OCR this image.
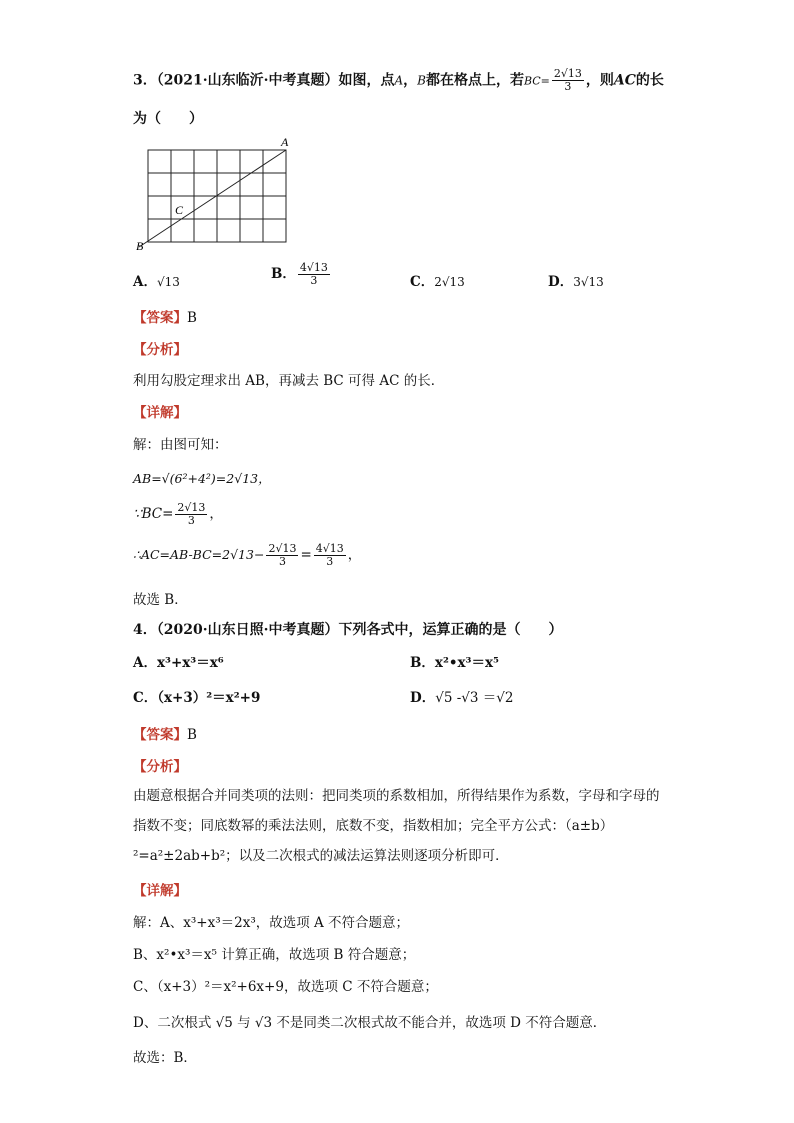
3．（2021·山东临沂·中考真题）如图，点A，B都在格点上，若$BC= \frac{2√13}{3}$ ，则AC的长
为（　　）
A
B
C
A．√13	B． $\frac{4√13}{3}$	C．2√13	D．3√13
【答案】B
【分析】
利用勾股定理求出 AB，再减去 BC 可得 AC 的长．
【详解】
解：由图可知：
AB=√(6²+4²)=2√13，
∵BC= $\frac{2√13}{3}$ ，
∴AC=AB-BC=2√13− $\frac{2√13}{3} = \frac{4√13}{3}$ ，
故选 B．
4．（2020·山东日照·中考真题）下列各式中，运算正确的是（　　）
A．x³+x³＝x⁶	B．x²•x³＝x⁵
C．（x+3）²＝x²+9	D．√5 -√3 ＝√2
【答案】B
【分析】
由题意根据合并同类项的法则：把同类项的系数相加，所得结果作为系数，字母和字母的指数不变；同底数幂的乘法法则，底数不变，指数相加；完全平方公式：（a±b）²=a²±2ab+b²；以及二次根式的减法运算法则逐项分析即可．
【详解】
解：A、x³+x³＝2x³，故选项 A 不符合题意；
B、x²•x³＝x⁵ 计算正确，故选项 B 符合题意；
C、（x+3）²＝x²+6x+9，故选项 C 不符合题意；
D、二次根式 √5 与 √3 不是同类二次根式故不能合并，故选项 D 不符合题意．
故选：B．
